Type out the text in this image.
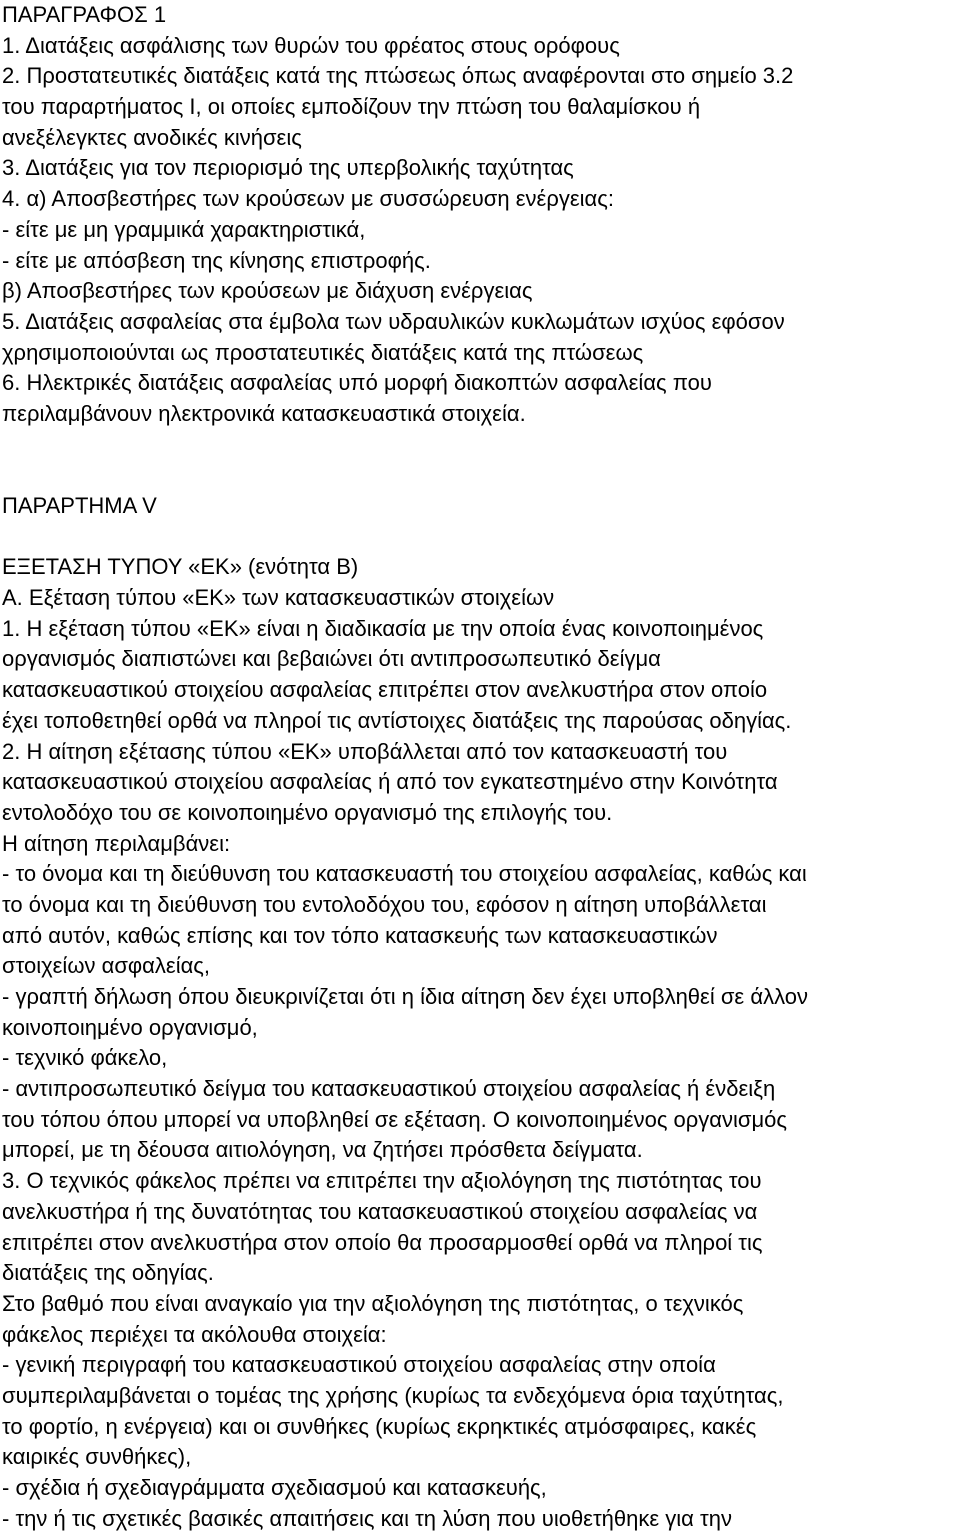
ΠΑΡΑΓΡΑΦΟΣ 1
1. Διατάξεις ασφάλισης των θυρών του φρέατος στους ορόφους
2. Προστατευτικές διατάξεις κατά της πτώσεως όπως αναφέρονται στο σημείο 3.2
του παραρτήματος Ι, οι οποίες εμποδίζουν την πτώση του θαλαμίσκου ή
ανεξέλεγκτες ανοδικές κινήσεις
3. Διατάξεις για τον περιορισμό της υπερβολικής ταχύτητας
4. α) Αποσβεστήρες των κρούσεων με συσσώρευση ενέργειας:
- είτε με μη γραμμικά χαρακτηριστικά,
- είτε με απόσβεση της κίνησης επιστροφής.
β) Αποσβεστήρες των κρούσεων με διάχυση ενέργειας
5. Διατάξεις ασφαλείας στα έμβολα των υδραυλικών κυκλωμάτων ισχύος εφόσον
χρησιμοποιούνται ως προστατευτικές διατάξεις κατά της πτώσεως
6. Ηλεκτρικές διατάξεις ασφαλείας υπό μορφή διακοπτών ασφαλείας που
περιλαμβάνουν ηλεκτρονικά κατασκευαστικά στοιχεία.
ΠΑΡΑΡΤΗΜΑ V
ΕΞΕΤΑΣΗ ΤΥΠΟΥ «ΕΚ» (ενότητα Β)
Α. Εξέταση τύπου «ΕΚ» των κατασκευαστικών στοιχείων
1. Η εξέταση τύπου «ΕΚ» είναι η διαδικασία με την οποία ένας κοινοποιημένος
οργανισμός διαπιστώνει και βεβαιώνει ότι αντιπροσωπευτικό δείγμα
κατασκευαστικού στοιχείου ασφαλείας επιτρέπει στον ανελκυστήρα στον οποίο
έχει τοποθετηθεί ορθά να πληροί τις αντίστοιχες διατάξεις της παρούσας οδηγίας.
2. Η αίτηση εξέτασης τύπου «ΕΚ» υποβάλλεται από τον κατασκευαστή του
κατασκευαστικού στοιχείου ασφαλείας ή από τον εγκατεστημένο στην Κοινότητα
εντολοδόχο του σε κοινοποιημένο οργανισμό της επιλογής του.
Η αίτηση περιλαμβάνει:
- το όνομα και τη διεύθυνση του κατασκευαστή του στοιχείου ασφαλείας, καθώς και
το όνομα και τη διεύθυνση του εντολοδόχου του, εφόσον η αίτηση υποβάλλεται
από αυτόν, καθώς επίσης και τον τόπο κατασκευής των κατασκευαστικών
στοιχείων ασφαλείας,
- γραπτή δήλωση όπου διευκρινίζεται ότι η ίδια αίτηση δεν έχει υποβληθεί σε άλλον
κοινοποιημένο οργανισμό,
- τεχνικό φάκελο,
- αντιπροσωπευτικό δείγμα του κατασκευαστικού στοιχείου ασφαλείας ή ένδειξη
του τόπου όπου μπορεί να υποβληθεί σε εξέταση. Ο κοινοποιημένος οργανισμός
μπορεί, με τη δέουσα αιτιολόγηση, να ζητήσει πρόσθετα δείγματα.
3. Ο τεχνικός φάκελος πρέπει να επιτρέπει την αξιολόγηση της πιστότητας του
ανελκυστήρα ή της δυνατότητας του κατασκευαστικού στοιχείου ασφαλείας να
επιτρέπει στον ανελκυστήρα στον οποίο θα προσαρμοσθεί ορθά να πληροί τις
διατάξεις της οδηγίας.
Στο βαθμό που είναι αναγκαίο για την αξιολόγηση της πιστότητας, ο τεχνικός
φάκελος περιέχει τα ακόλουθα στοιχεία:
- γενική περιγραφή του κατασκευαστικού στοιχείου ασφαλείας στην οποία
συμπεριλαμβάνεται ο τομέας της χρήσης (κυρίως τα ενδεχόμενα όρια ταχύτητας,
το φορτίο, η ενέργεια) και οι συνθήκες (κυρίως εκρηκτικές ατμόσφαιρες, κακές
καιρικές συνθήκες),
- σχέδια ή σχεδιαγράμματα σχεδιασμού και κατασκευής,
- την ή τις σχετικές βασικές απαιτήσεις και τη λύση που υιοθετήθηκε για την
